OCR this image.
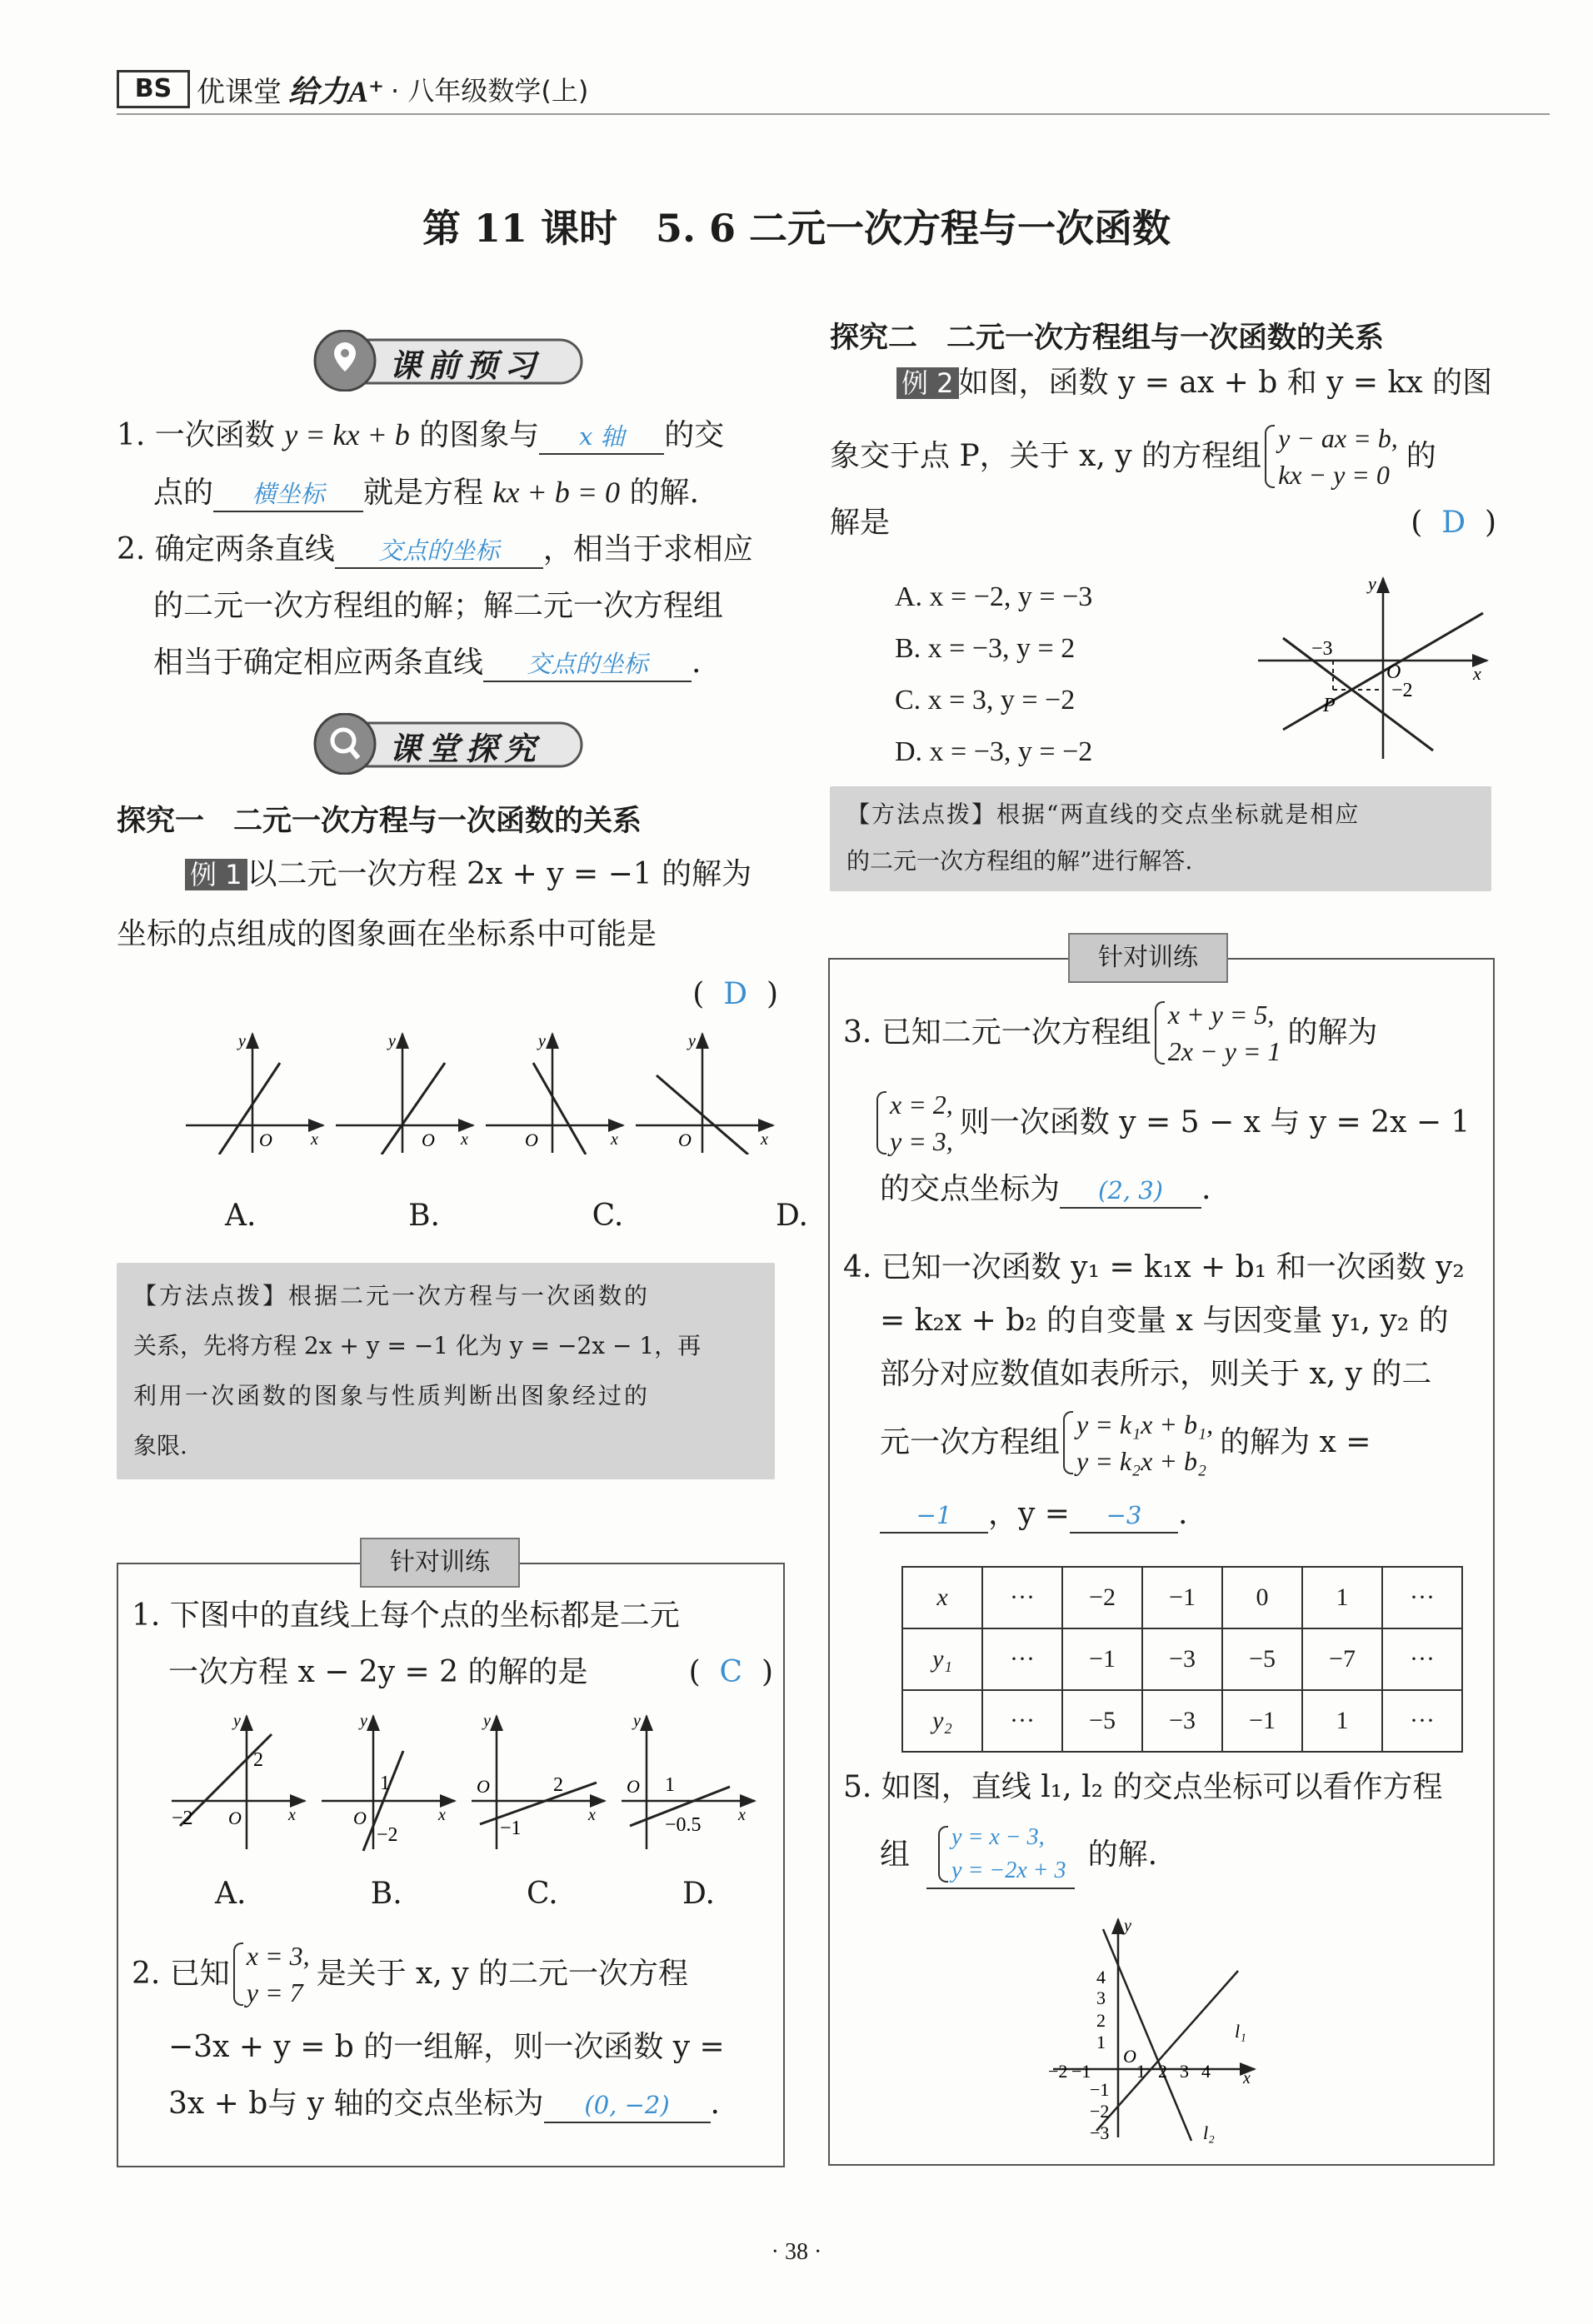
BS 优课堂 给力A⁺ · 八年级数学(上)
第 11 课时　5. 6 二元一次方程与一次函数
课前预习
1. 一次函数 y = kx + b 的图象与 x 轴 的交
点的 横坐标 就是方程 kx + b = 0 的解.
2. 确定两条直线 交点的坐标 ，相当于求相应
的二元一次方程组的解；解二元一次方程组
相当于确定相应两条直线 交点的坐标 .
课堂探究
探究一　二元一次方程与一次函数的关系
例 1 以二元一次方程 2x + y = −1 的解为
坐标的点组成的图象画在坐标系中可能是
(  D  )
y
O x
y
O x
y
O	x
y
O	x
A.	B.	C.	D.
【方法点拨】根据二元一次方程与一次函数的
关系，先将方程 2x + y = −1 化为 y = −2x − 1，再
利用一次函数的图象与性质判断出图象经过的
象限.
针对训练
1. 下图中的直线上每个点的坐标都是二元
一次方程 x − 2y = 2 的解的是	(  C  )
y
2
−2 O	x
y
1
−2
O	x
y
2
−1
O
x
y
1
−0.5
O
x
A.	B.	C.	D.
2. 已知
x = 3,
y = 7
是关于 x, y 的二元一次方程
−3x + y = b 的一组解，则一次函数 y =
3x + b与 y 轴的交点坐标为 (0, −2) .
探究二　二元一次方程组与一次函数的关系
例 2 如图，函数 y = ax + b 和 y = kx 的图
象交于点 P，关于 x, y 的方程组
y − ax = b,
kx − y = 0
的
解是	(  D  )
A. x = −2, y = −3
B. x = −3, y = 2
C. x = 3, y = −2
D. x = −3, y = −2
y
−3
O
−2
P
x
【方法点拨】根据“两直线的交点坐标就是相应
的二元一次方程组的解”进行解答.
针对训练
3. 已知二元一次方程组
x + y = 5,
2x − y = 1
的解为
x = 2,
y = 3,
则一次函数 y = 5 − x 与 y = 2x − 1
的交点坐标为 (2, 3) .
4. 已知一次函数 y₁ = k₁x + b₁ 和一次函数 y₂
= k₂x + b₂ 的自变量 x 与因变量 y₁, y₂ 的
部分对应数值如表所示，则关于 x, y 的二
元一次方程组
y = k₁x + b₁,
y = k₂x + b₂
的解为 x =
−1 ，y = −3 .
x	···	−2	−1	0	1	···
y₁	···	−1	−3	−5	−7	···
y₂	···	−5	−3	−1	1	···
5. 如图，直线 l₁, l₂ 的交点坐标可以看作方程
组
y = x − 3,
y = −2x + 3 的解.
y
4
3
2
1
−1
−2
−3
−2 −1 1 2 3 4
O
x
l₁
l₂
· 38 ·
